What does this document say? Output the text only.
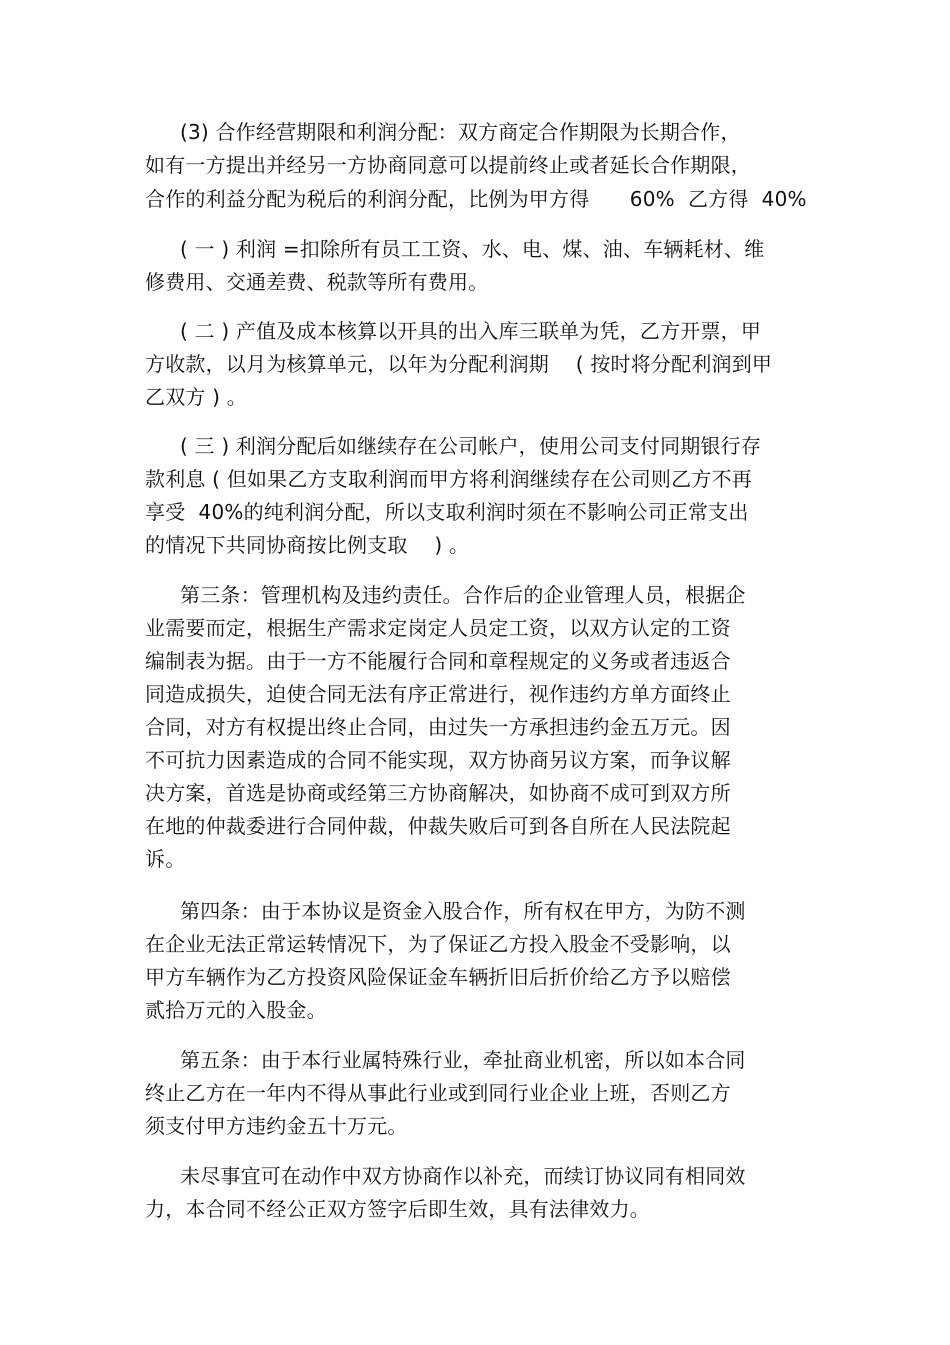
(3) 合作经营期限和利润分配：双方商定合作期限为长期合作，
如有一方提出并经另一方协商同意可以提前终止或者延长合作期限，
合作的利益分配为税后的利润分配，比例为甲方得　　60%  乙方得  40%
( 一 ) 利润 =扣除所有员工工资、水、电、煤、油、车辆耗材、维
修费用、交通差费、税款等所有费用。
( 二 ) 产值及成本核算以开具的出入库三联单为凭，乙方开票，甲
方收款，以月为核算单元，以年为分配利润期　 ( 按时将分配利润到甲
乙双方 ) 。
( 三 ) 利润分配后如继续存在公司帐户，使用公司支付同期银行存
款利息 ( 但如果乙方支取利润而甲方将利润继续存在公司则乙方不再
享受  40%的纯利润分配，所以支取利润时须在不影响公司正常支出
的情况下共同协商按比例支取　 ) 。
第三条：管理机构及违约责任。合作后的企业管理人员，根据企
业需要而定，根据生产需求定岗定人员定工资，以双方认定的工资
编制表为据。由于一方不能履行合同和章程规定的义务或者违返合
同造成损失，迫使合同无法有序正常进行，视作违约方单方面终止
合同，对方有权提出终止合同，由过失一方承担违约金五万元。因
不可抗力因素造成的合同不能实现，双方协商另议方案，而争议解
决方案，首选是协商或经第三方协商解决，如协商不成可到双方所
在地的仲裁委进行合同仲裁，仲裁失败后可到各自所在人民法院起
诉。
第四条：由于本协议是资金入股合作，所有权在甲方，为防不测
在企业无法正常运转情况下，为了保证乙方投入股金不受影响，以
甲方车辆作为乙方投资风险保证金车辆折旧后折价给乙方予以赔偿
贰拾万元的入股金。
第五条：由于本行业属特殊行业，牵扯商业机密，所以如本合同
终止乙方在一年内不得从事此行业或到同行业企业上班，否则乙方
须支付甲方违约金五十万元。
未尽事宜可在动作中双方协商作以补充，而续订协议同有相同效
力，本合同不经公正双方签字后即生效，具有法律效力。
